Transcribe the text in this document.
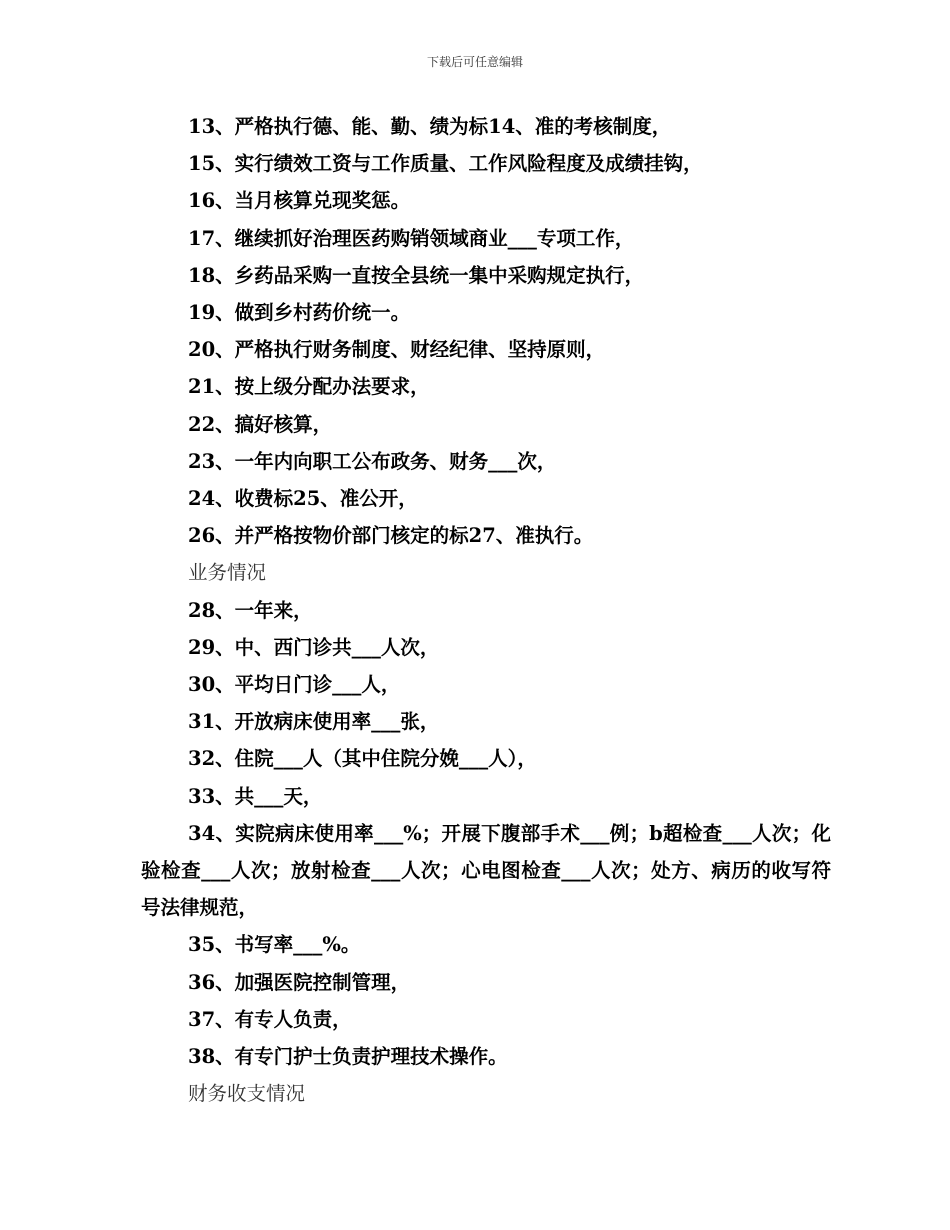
下载后可任意编辑

13、严格执行德、能、勤、绩为标14、准的考核制度，

15、实行绩效工资与工作质量、工作风险程度及成绩挂钩，

16、当月核算兑现奖惩。

17、继续抓好治理医药购销领域商业___专项工作，

18、乡药品采购一直按全县统一集中采购规定执行，

19、做到乡村药价统一。

20、严格执行财务制度、财经纪律、坚持原则，

21、按上级分配办法要求，

22、搞好核算，

23、一年内向职工公布政务、财务___次，

24、收费标25、准公开，

26、并严格按物价部门核定的标27、准执行。

业务情况

28、一年来，

29、中、西门诊共___人次，

30、平均日门诊___人，

31、开放病床使用率___张，

32、住院___人（其中住院分娩___人），

33、共___天，

34、实院病床使用率___%；开展下腹部手术___例；b超检查___人次；化验检查___人次；放射检查___人次；心电图检查___人次；处方、病历的收写符号法律规范，

35、书写率___%。

36、加强医院控制管理，

37、有专人负责，

38、有专门护士负责护理技术操作。

财务收支情况
